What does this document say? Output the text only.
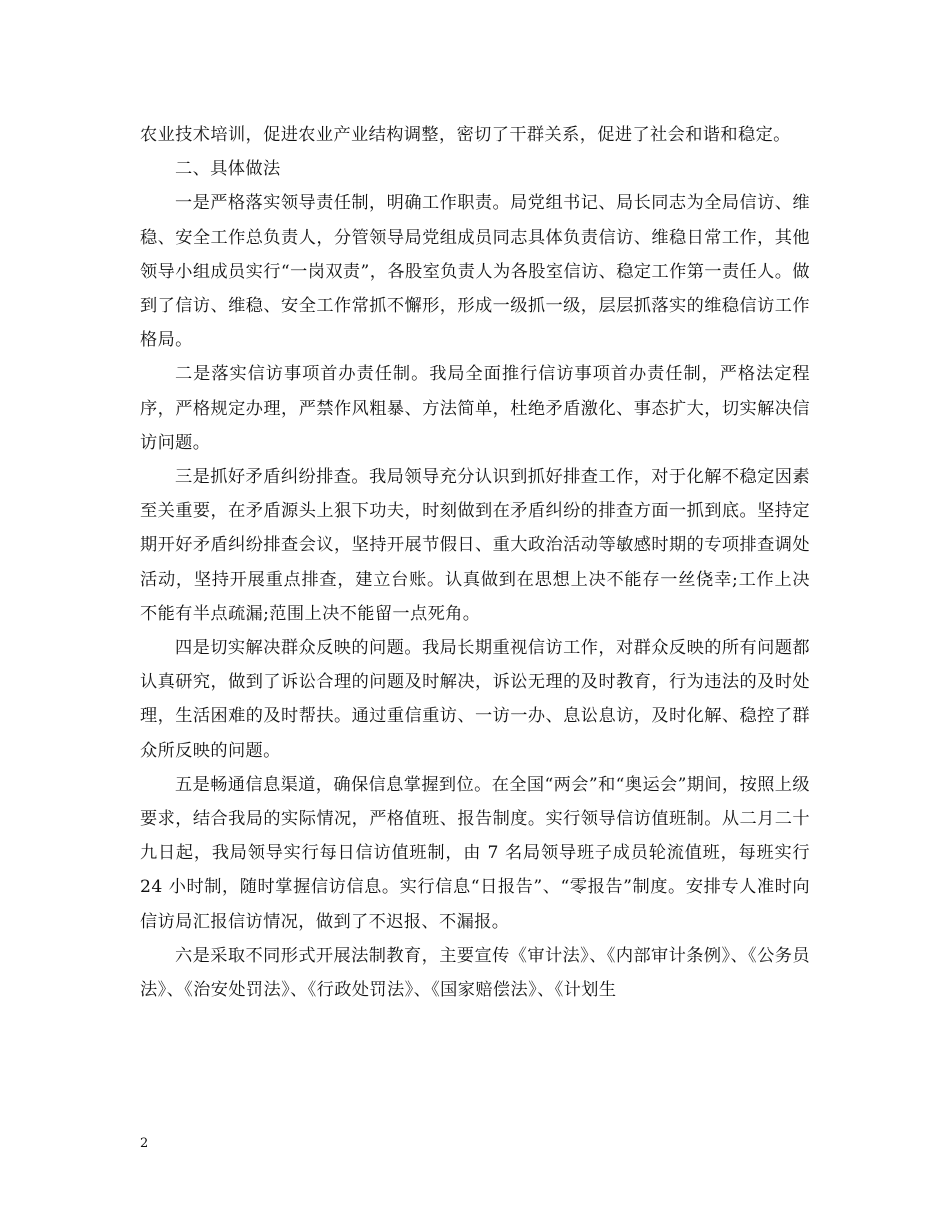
农业技术培训，促进农业产业结构调整，密切了干群关系，促进了社会和谐和稳定。

二、具体做法

一是严格落实领导责任制，明确工作职责。局党组书记、局长同志为全局信访、维稳、安全工作总负责人，分管领导局党组成员同志具体负责信访、维稳日常工作，其他领导小组成员实行“一岗双责”，各股室负责人为各股室信访、稳定工作第一责任人。做到了信访、维稳、安全工作常抓不懈形，形成一级抓一级，层层抓落实的维稳信访工作格局。

二是落实信访事项首办责任制。我局全面推行信访事项首办责任制，严格法定程序，严格规定办理，严禁作风粗暴、方法简单，杜绝矛盾激化、事态扩大，切实解决信访问题。

三是抓好矛盾纠纷排查。我局领导充分认识到抓好排查工作，对于化解不稳定因素至关重要，在矛盾源头上狠下功夫，时刻做到在矛盾纠纷的排查方面一抓到底。坚持定期开好矛盾纠纷排查会议，坚持开展节假日、重大政治活动等敏感时期的专项排查调处活动，坚持开展重点排查，建立台账。认真做到在思想上决不能存一丝侥幸;工作上决不能有半点疏漏;范围上决不能留一点死角。

四是切实解决群众反映的问题。我局长期重视信访工作，对群众反映的所有问题都认真研究，做到了诉讼合理的问题及时解决，诉讼无理的及时教育，行为违法的及时处理，生活困难的及时帮扶。通过重信重访、一访一办、息讼息访，及时化解、稳控了群众所反映的问题。

五是畅通信息渠道，确保信息掌握到位。在全国“两会”和“奥运会”期间，按照上级要求，结合我局的实际情况，严格值班、报告制度。实行领导信访值班制。从二月二十九日起，我局领导实行每日信访值班制，由 7 名局领导班子成员轮流值班，每班实行 24 小时制，随时掌握信访信息。实行信息“日报告”、“零报告”制度。安排专人准时向信访局汇报信访情况，做到了不迟报、不漏报。

六是采取不同形式开展法制教育，主要宣传《审计法》、《内部审计条例》、《公务员法》、《治安处罚法》、《行政处罚法》、《国家赔偿法》、《计划生

2
